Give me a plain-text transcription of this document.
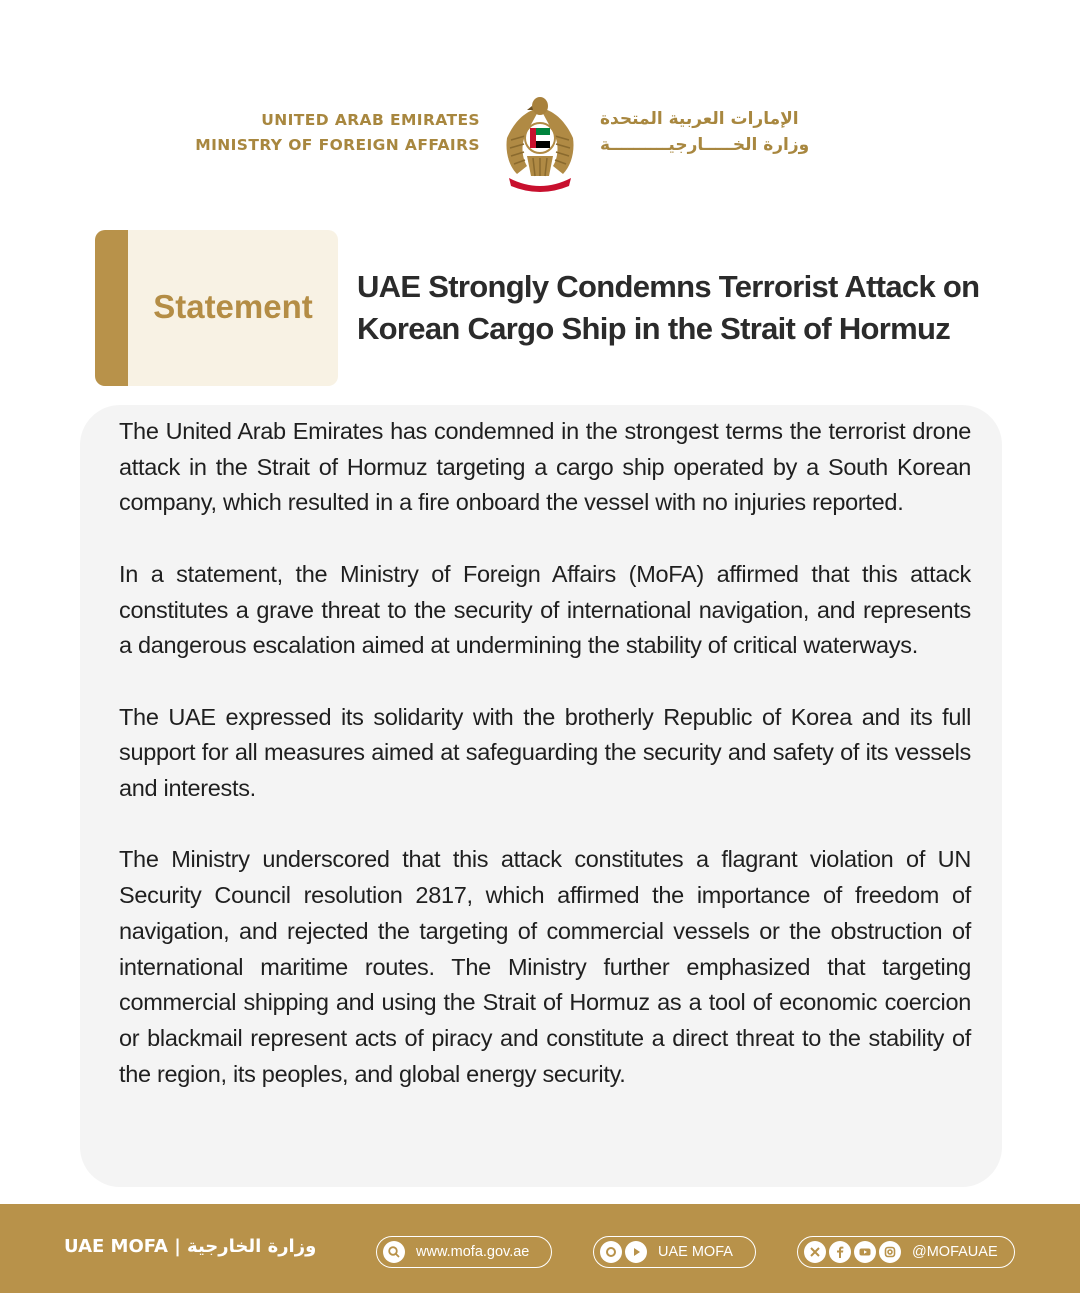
UNITED ARAB EMIRATES
MINISTRY OF FOREIGN AFFAIRS
الإمارات العربية المتحدة
وزارة الخـــــارجيــــــــــة
Statement
UAE Strongly Condemns Terrorist Attack on Korean Cargo Ship in the Strait of Hormuz

The United Arab Emirates has condemned in the strongest terms the terrorist drone attack in the Strait of Hormuz targeting a cargo ship operated by a South Korean company, which resulted in a fire onboard the vessel with no injuries reported.

In a statement, the Ministry of Foreign Affairs (MoFA) affirmed that this attack constitutes a grave threat to the security of international navigation, and represents a dangerous escalation aimed at undermining the stability of critical waterways.

The UAE expressed its solidarity with the brotherly Republic of Korea and its full support for all measures aimed at safeguarding the security and safety of its vessels and interests.

The Ministry underscored that this attack constitutes a flagrant violation of UN Security Council resolution 2817, which affirmed the importance of freedom of navigation, and rejected the targeting of commercial vessels or the obstruction of international maritime routes. The Ministry further emphasized that targeting commercial shipping and using the Strait of Hormuz as a tool of economic coercion or blackmail represent acts of piracy and constitute a direct threat to the stability of the region, its peoples, and global energy security.

UAE MOFA | وزارة الخارجية	www.mofa.gov.ae	UAE MOFA	@MOFAUAE
